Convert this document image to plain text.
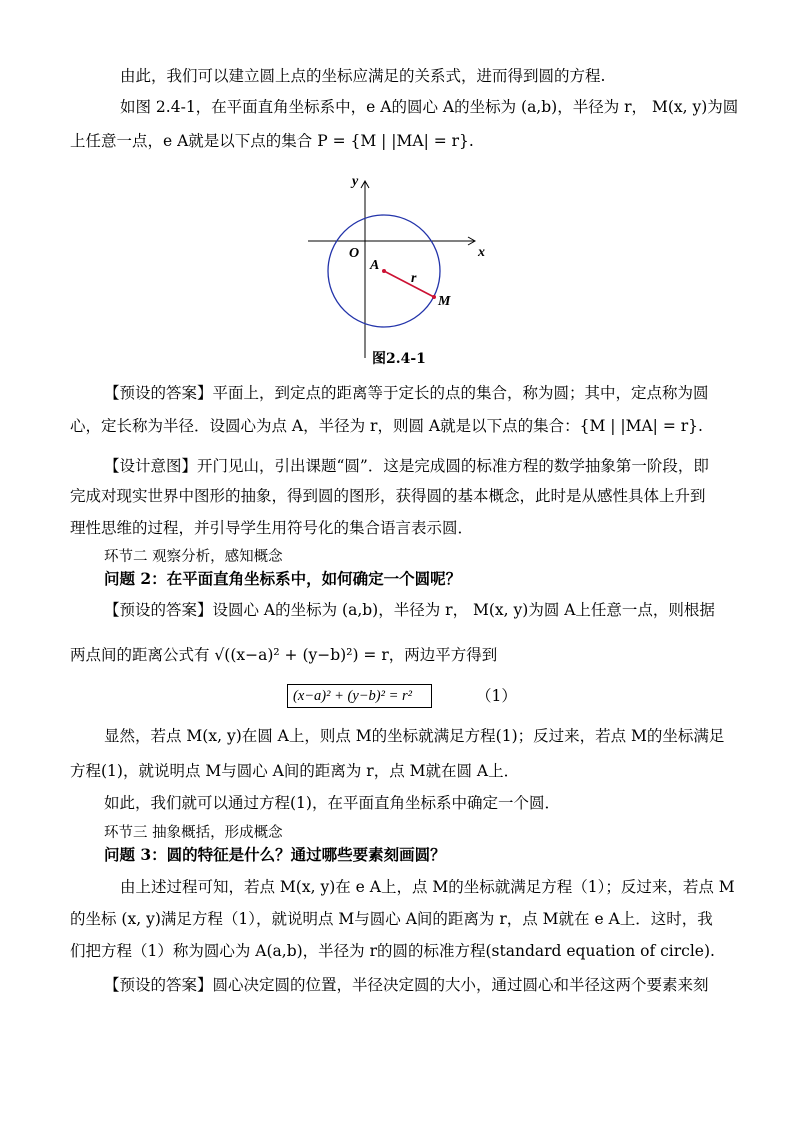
由此，我们可以建立圆上点的坐标应满足的关系式，进而得到圆的方程.
如图 2.4-1，在平面直角坐标系中，e A的圆心 A的坐标为 (a,b)，半径为 r， M(x, y)为圆
上任意一点，e A就是以下点的集合 P = {M | |MA| = r}.
y
x
O
A
r
M
图2.4-1
【预设的答案】平面上，到定点的距离等于定长的点的集合，称为圆；其中，定点称为圆
心，定长称为半径．设圆心为点 A，半径为 r，则圆 A就是以下点的集合：{M | |MA| = r}.
【设计意图】开门见山，引出课题“圆”．这是完成圆的标准方程的数学抽象第一阶段，即
完成对现实世界中图形的抽象，得到圆的图形，获得圆的基本概念，此时是从感性具体上升到
理性思维的过程，并引导学生用符号化的集合语言表示圆．
环节二 观察分析，感知概念
问题 2：在平面直角坐标系中，如何确定一个圆呢？
【预设的答案】设圆心 A的坐标为 (a,b)，半径为 r， M(x, y)为圆 A上任意一点，则根据
两点间的距离公式有 √((x−a)² + (y−b)²) = r，两边平方得到
(x−a)² + (y−b)² = r²	（1）
显然，若点 M(x, y)在圆 A上，则点 M的坐标就满足方程(1)；反过来，若点 M的坐标满足
方程(1)，就说明点 M与圆心 A间的距离为 r，点 M就在圆 A上．
如此，我们就可以通过方程(1)，在平面直角坐标系中确定一个圆．
环节三 抽象概括，形成概念
问题 3：圆的特征是什么？通过哪些要素刻画圆？
由上述过程可知，若点 M(x, y)在 e A上，点 M的坐标就满足方程（1）；反过来，若点 M
的坐标 (x, y)满足方程（1），就说明点 M与圆心 A间的距离为 r，点 M就在 e A上．这时，我
们把方程（1）称为圆心为 A(a,b)，半径为 r的圆的标准方程(standard equation of circle).
【预设的答案】圆心决定圆的位置，半径决定圆的大小，通过圆心和半径这两个要素来刻
